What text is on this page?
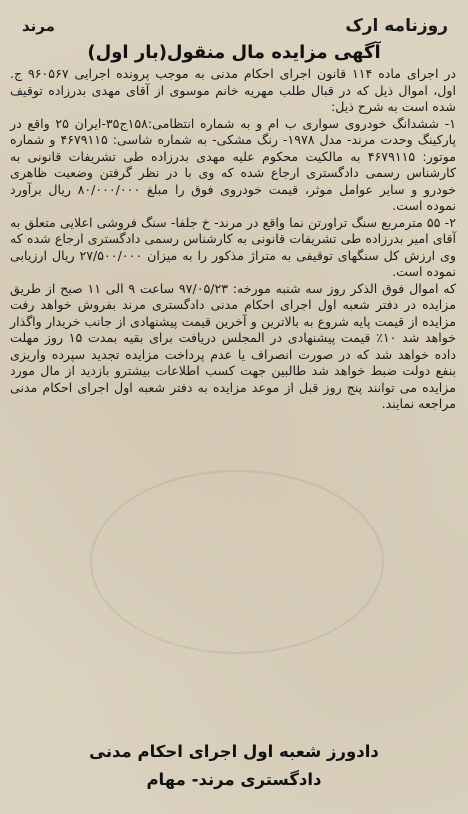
روزنامه ارک
مرند
آگهی مزایده مال منقول(بار اول)

در اجرای ماده ۱۱۴ قانون اجرای احکام مدنی به موجب پرونده اجرایی ۹۶۰۵۶۷ ج. اول، اموال ذیل که در قبال طلب مهریه خانم موسوی از آقای مهدی بدرزاده توقیف شده است به شرح ذیل:

۱- ششدانگ خودروی سواری ب ام و به شماره انتظامی:۱۵۸ج۳۵-ایران ۲۵ واقع در پارکینگ وحدت مرند- مدل ۱۹۷۸- رنگ مشکی- به شماره شاسی: ۴۶۷۹۱۱۵ و شماره موتور: ۴۶۷۹۱۱۵ به مالکیت محکوم علیه مهدی بدرزاده طی تشریفات قانونی به کارشناس رسمی دادگستری ارجاع شده که وی با در نظر گرفتن وضعیت ظاهری خودرو و سایر عوامل موثر، قیمت خودروی فوق را مبلغ ۸۰/۰۰۰/۰۰۰ ریال برآورد نموده است.

۲- ۵۵ مترمربع سنگ تراورتن نما واقع در مرند- خ جلفا- سنگ فروشی اعلایی متعلق به آقای امیر بدرزاده طی تشریفات قانونی به کارشناس رسمی دادگستری ارجاع شده که وی ارزش کل سنگهای توقیفی به متراژ مذکور را به میزان ۲۷/۵۰۰/۰۰۰ ریال ارزیابی نموده است.

که اموال فوق الذکر روز سه شنبه مورخه: ۹۷/۰۵/۲۳ ساعت ۹ الی ۱۱ صبح از طریق مزایده در دفتر شعبه اول اجرای احکام مدنی دادگستری مرند بفروش خواهد رفت مزایده از قیمت پایه شروع به بالاترین و آخرین قیمت پیشنهادی از جانب خریدار واگذار خواهد شد ۱۰٪ قیمت پیشنهادی در المجلس دریافت برای بقیه بمدت ۱۵ روز مهلت داده خواهد شد که در صورت انصراف یا عدم پرداخت مزایده تجدید سپرده واریزی بنفع دولت ضبط خواهد شد طالبین جهت کسب اطلاعات بیشترو بازدید از مال مورد مزایده می توانند پنج روز قبل از موعد مزایده به دفتر شعبه اول اجرای احکام مدنی مراجعه نمایند.

دادورز شعبه اول اجرای احکام مدنی
دادگستری مرند- مهام
